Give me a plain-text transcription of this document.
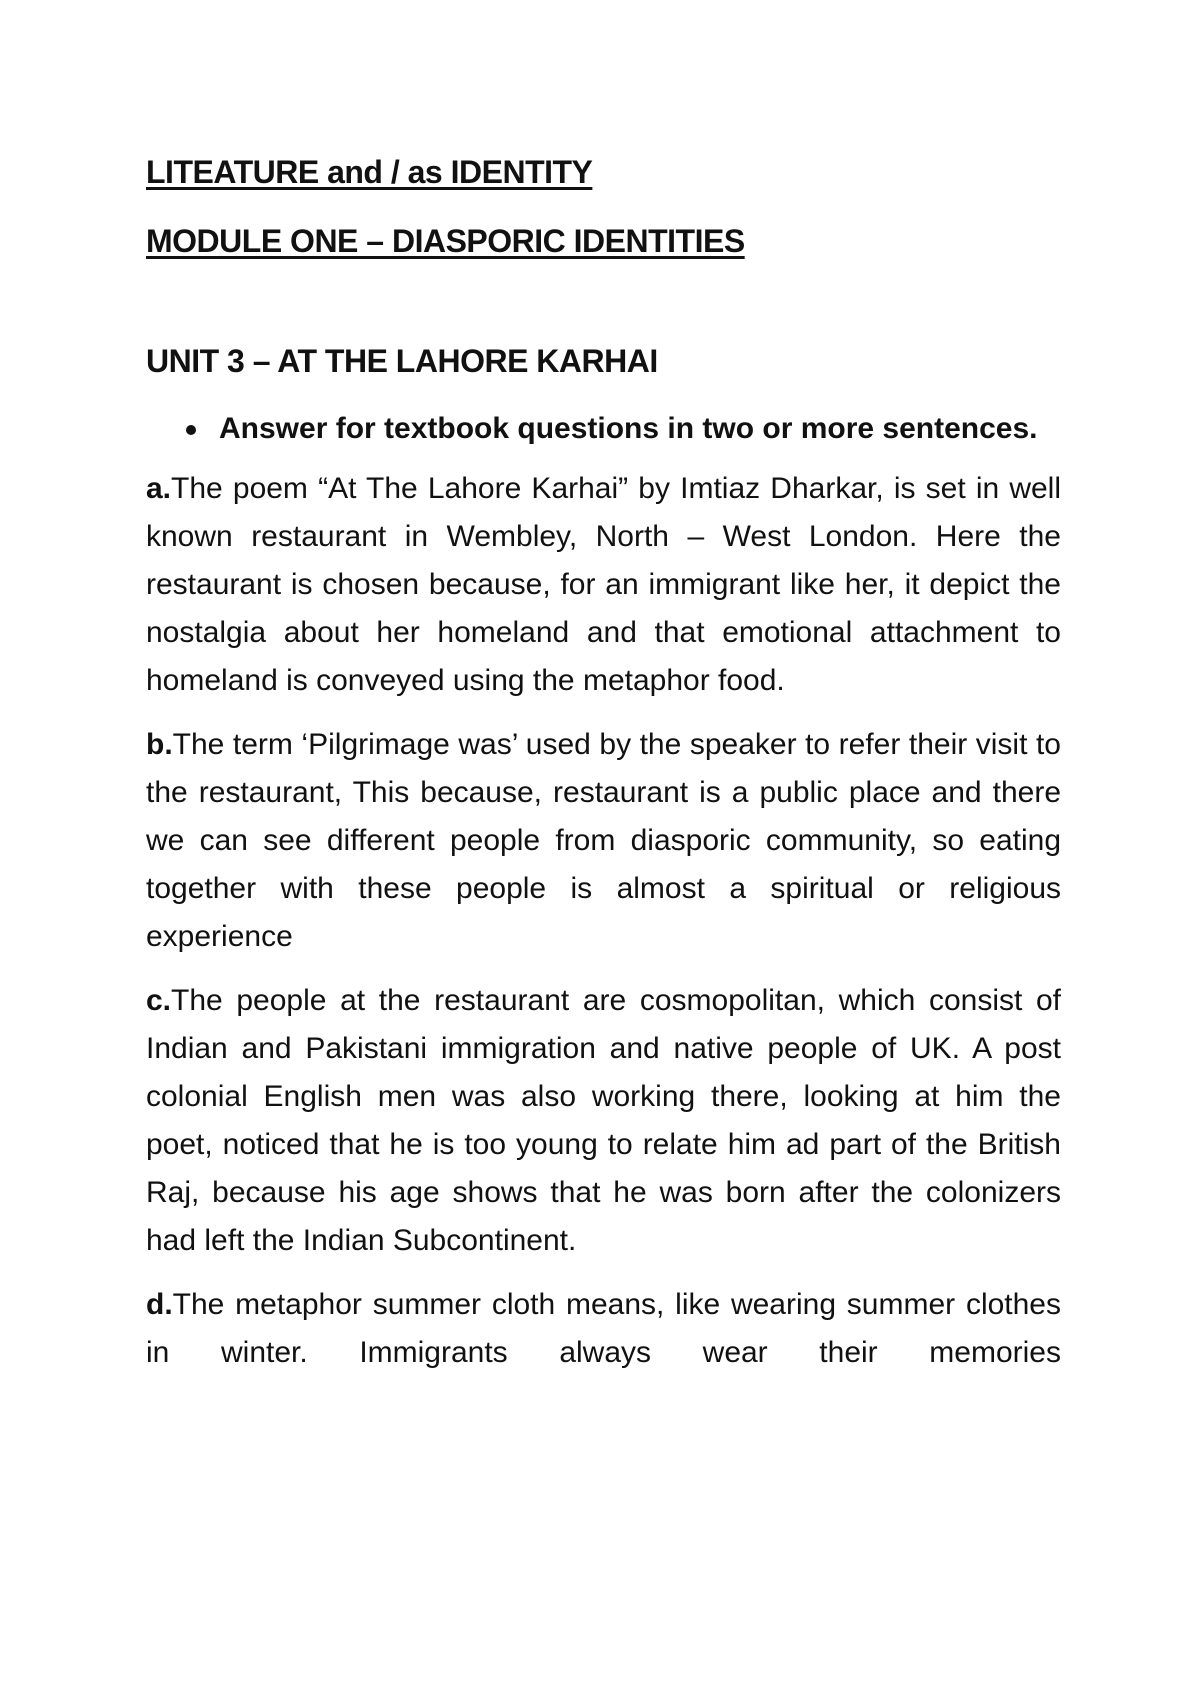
LITEATURE and / as IDENTITY
MODULE ONE – DIASPORIC IDENTITIES
UNIT 3 – AT THE LAHORE KARHAI
Answer for textbook questions in two or more sentences.

a.The poem “At The Lahore Karhai” by Imtiaz Dharkar, is set in well known restaurant in Wembley, North – West London. Here the restaurant is chosen because, for an immigrant like her, it depict the nostalgia about her homeland and that emotional attachment to homeland is conveyed using the metaphor food.

b.The term ‘Pilgrimage was’ used by the speaker to refer their visit to the restaurant, This because, restaurant is a public place and there we can see different people from diasporic community, so eating together with these people is almost a spiritual or religious experience

c.The people at the restaurant are cosmopolitan, which consist of Indian and Pakistani immigration and native people of UK. A post colonial English men was also working there, looking at him the poet, noticed that he is too young to relate him ad part of the British Raj, because his age shows that he was born after the colonizers had left the Indian Subcontinent.

d.The metaphor summer cloth means, like wearing summer clothes in winter. Immigrants always wear their memories
